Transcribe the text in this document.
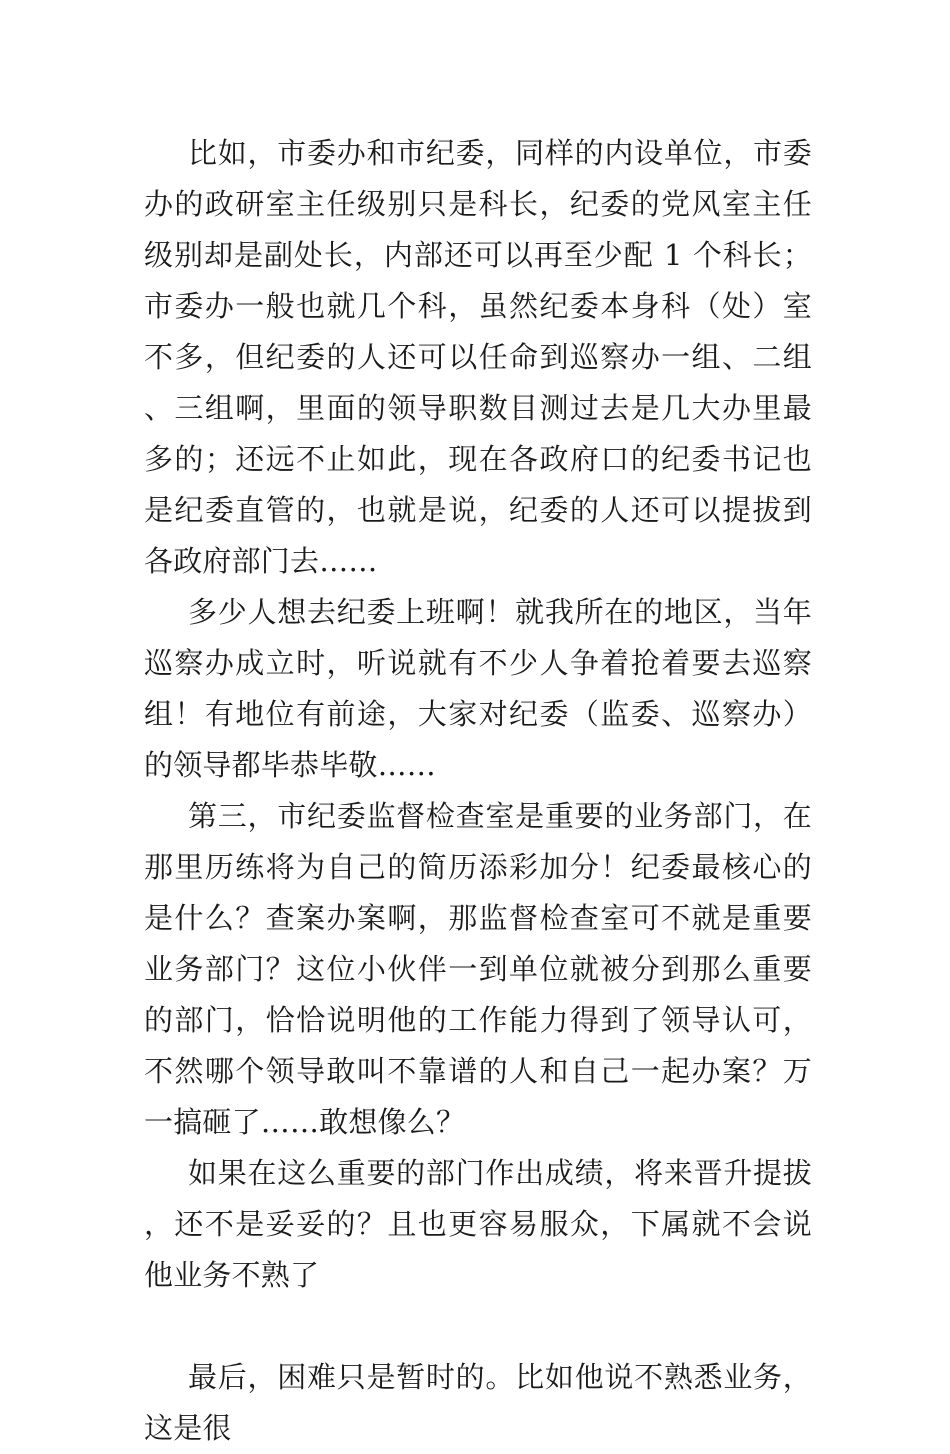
比如，市委办和市纪委，同样的内设单位，市委办的政研室主任级别只是科长，纪委的党风室主任级别却是副处长，内部还可以再至少配 1 个科长；市委办一般也就几个科，虽然纪委本身科（处）室不多，但纪委的人还可以任命到巡察办一组、二组、三组啊，里面的领导职数目测过去是几大办里最多的；还远不止如此，现在各政府口的纪委书记也是纪委直管的，也就是说，纪委的人还可以提拔到各政府部门去……

多少人想去纪委上班啊！就我所在的地区，当年巡察办成立时，听说就有不少人争着抢着要去巡察组！有地位有前途，大家对纪委（监委、巡察办）的领导都毕恭毕敬……

第三，市纪委监督检查室是重要的业务部门，在那里历练将为自己的简历添彩加分！纪委最核心的是什么？查案办案啊，那监督检查室可不就是重要业务部门？这位小伙伴一到单位就被分到那么重要的部门，恰恰说明他的工作能力得到了领导认可，不然哪个领导敢叫不靠谱的人和自己一起办案？万一搞砸了……敢想像么？

如果在这么重要的部门作出成绩，将来晋升提拔，还不是妥妥的？且也更容易服众，下属就不会说他业务不熟了

最后，困难只是暂时的。比如他说不熟悉业务，这是很
